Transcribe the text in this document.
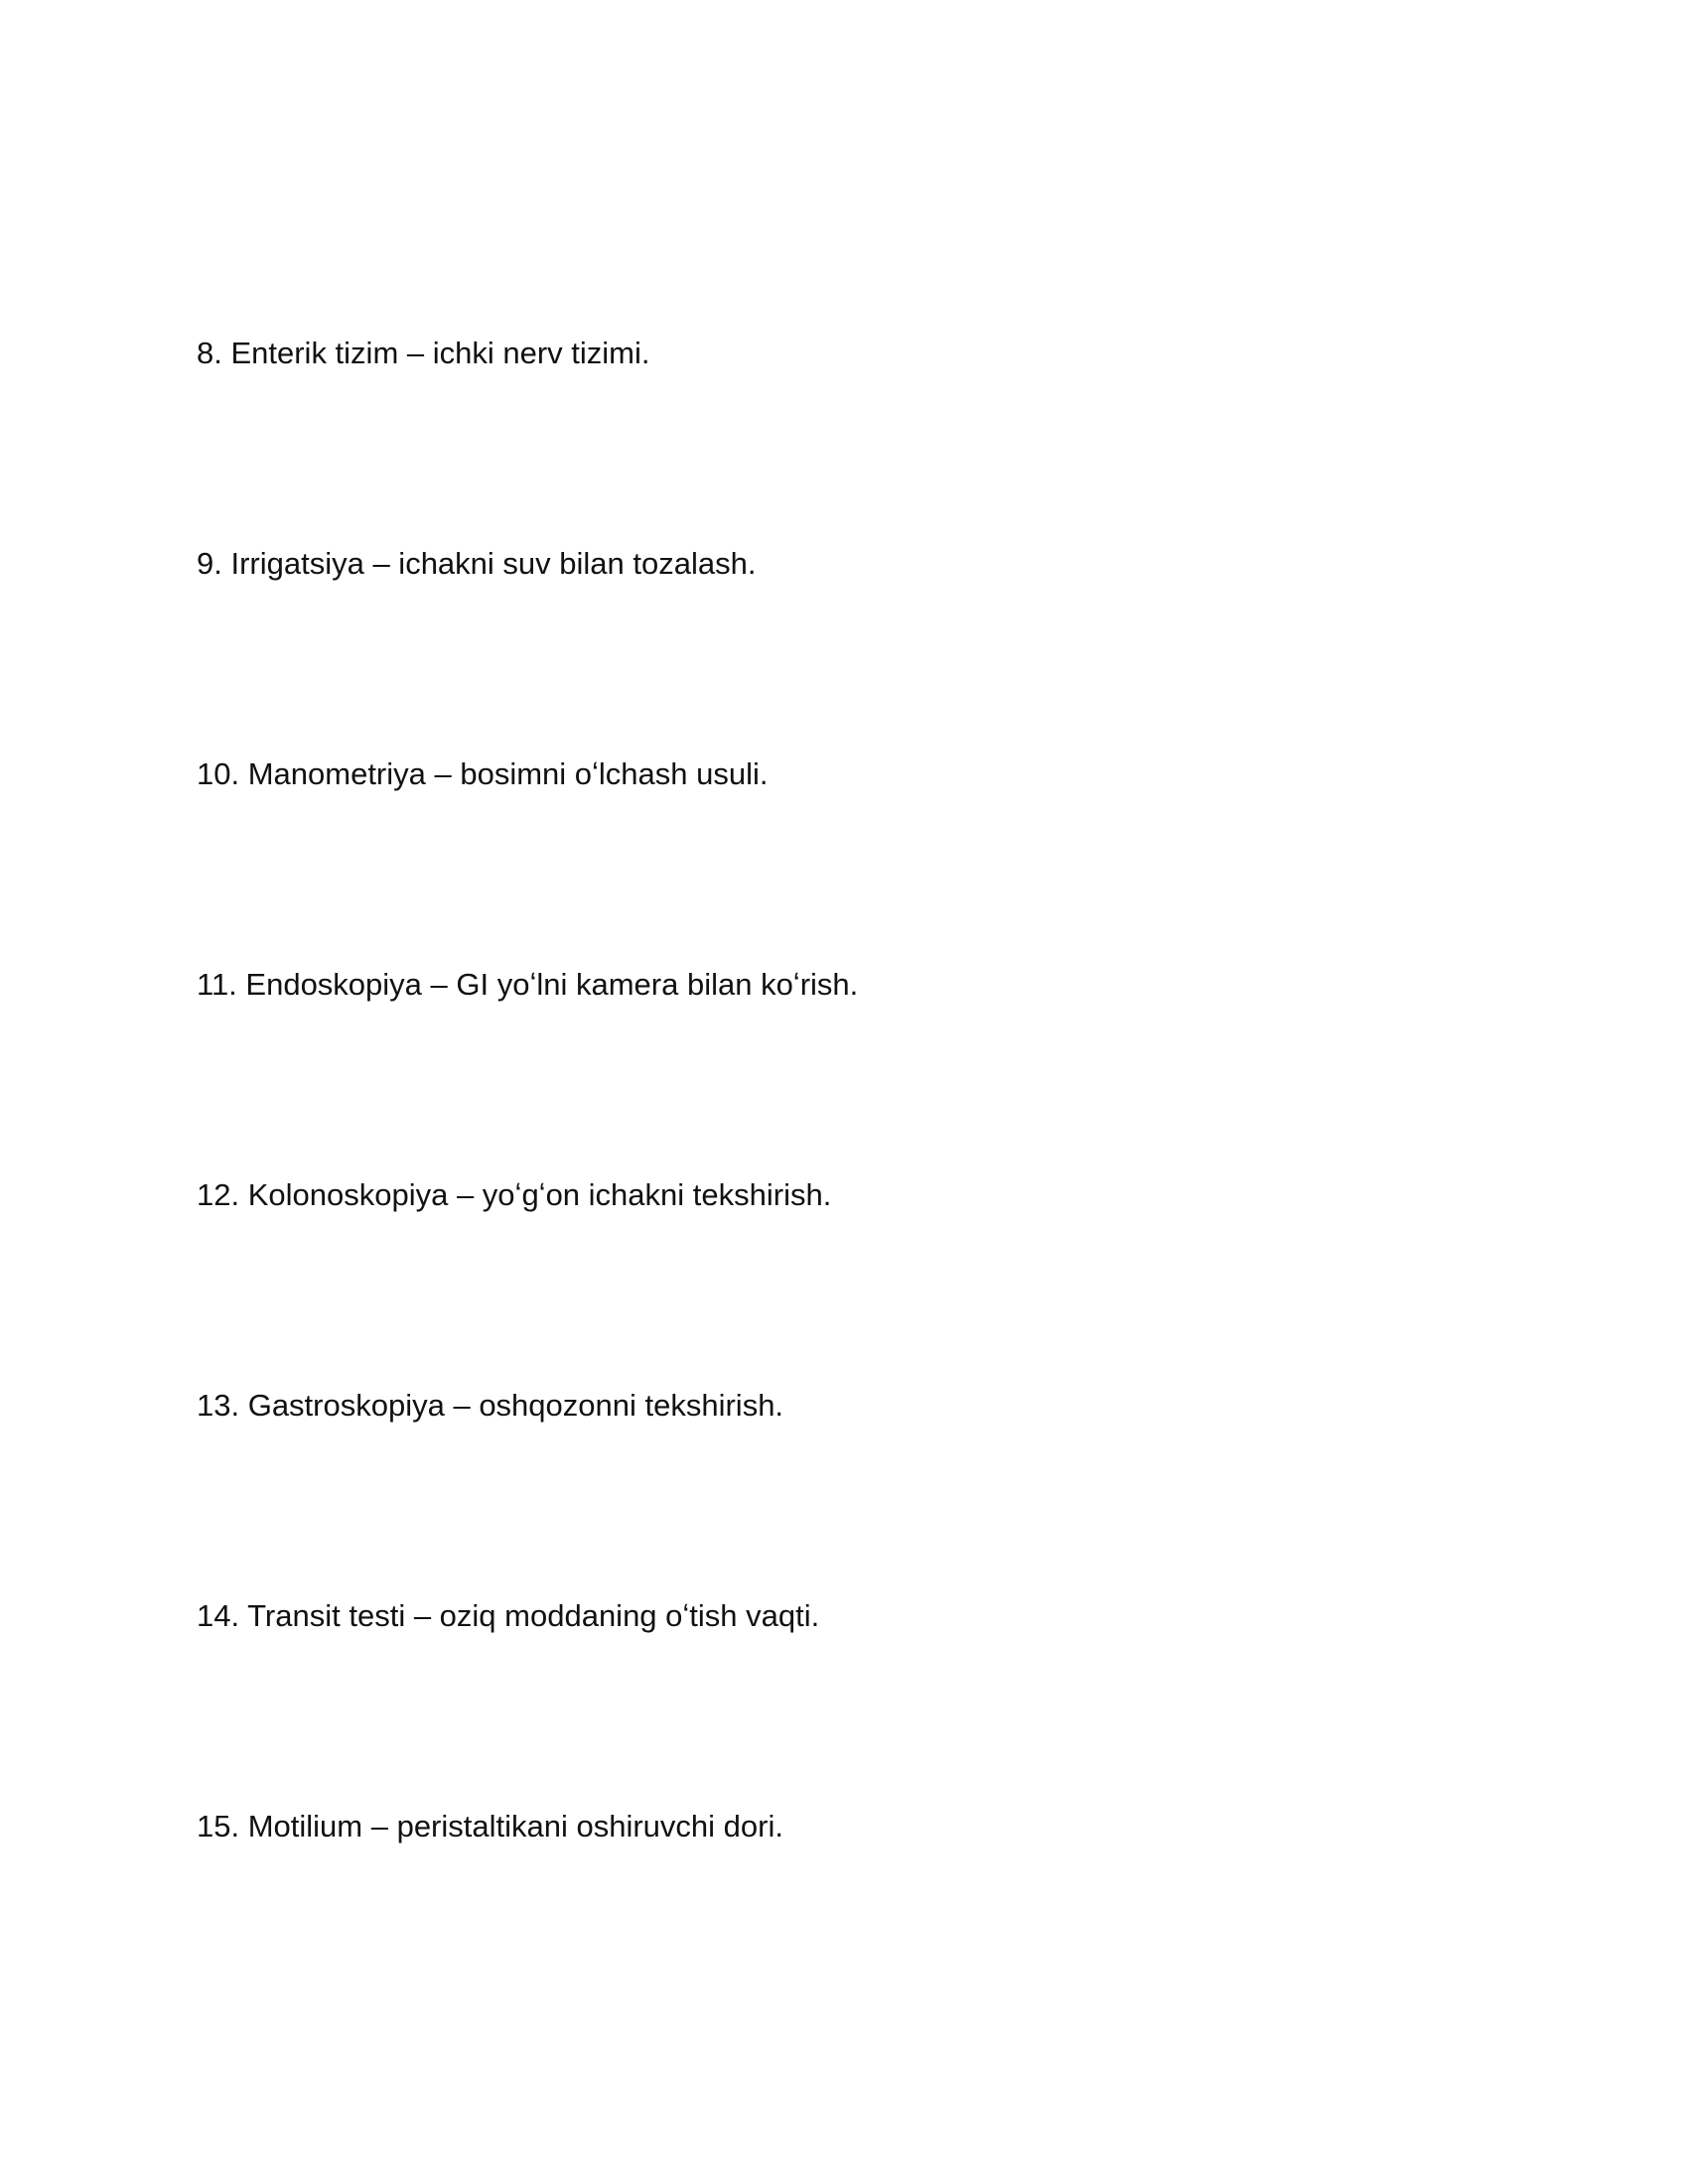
8. Enterik tizim – ichki nerv tizimi.
9. Irrigatsiya – ichakni suv bilan tozalash.
10. Manometriya – bosimni oʻlchash usuli.
11. Endoskopiya – GI yoʻlni kamera bilan koʻrish.
12. Kolonoskopiya – yoʻgʻon ichakni tekshirish.
13. Gastroskopiya – oshqozonni tekshirish.
14. Transit testi – oziq moddaning oʻtish vaqti.
15. Motilium – peristaltikani oshiruvchi dori.
